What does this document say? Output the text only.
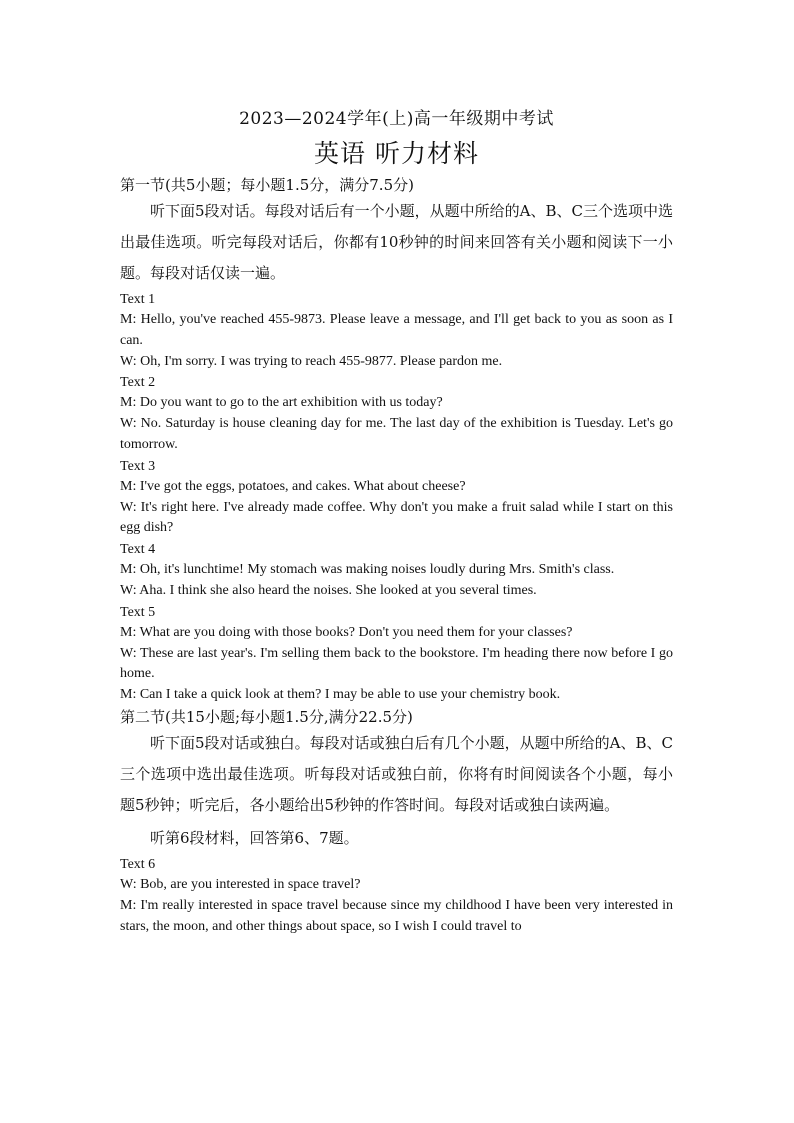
2023—2024学年(上)高一年级期中考试

英语 听力材料

第一节(共5小题；每小题1.5分，满分7.5分)

听下面5段对话。每段对话后有一个小题，从题中所给的A、B、C三个选项中选出最佳选项。听完每段对话后，你都有10秒钟的时间来回答有关小题和阅读下一小题。每段对话仅读一遍。

Text 1

M: Hello, you've reached 455-9873. Please leave a message, and I'll get back to you as soon as I can.

W: Oh, I'm sorry. I was trying to reach 455-9877. Please pardon me.

Text 2

M: Do you want to go to the art exhibition with us today?

W: No. Saturday is house cleaning day for me. The last day of the exhibition is Tuesday. Let's go tomorrow.

Text 3

M: I've got the eggs, potatoes, and cakes. What about cheese?

W: It's right here. I've already made coffee. Why don't you make a fruit salad while I start on this egg dish?

Text 4

M: Oh, it's lunchtime! My stomach was making noises loudly during Mrs. Smith's class.

W: Aha. I think she also heard the noises. She looked at you several times.

Text 5

M: What are you doing with those books? Don't you need them for your classes?

W: These are last year's. I'm selling them back to the bookstore. I'm heading there now before I go home.

M: Can I take a quick look at them? I may be able to use your chemistry book.

第二节(共15小题;每小题1.5分,满分22.5分)

听下面5段对话或独白。每段对话或独白后有几个小题，从题中所给的A、B、C三个选项中选出最佳选项。听每段对话或独白前，你将有时间阅读各个小题，每小题5秒钟；听完后，各小题给出5秒钟的作答时间。每段对话或独白读两遍。

听第6段材料，回答第6、7题。

Text 6

W: Bob, are you interested in space travel?

M: I'm really interested in space travel because since my childhood I have been very interested in stars, the moon, and other things about space, so I wish I could travel to
